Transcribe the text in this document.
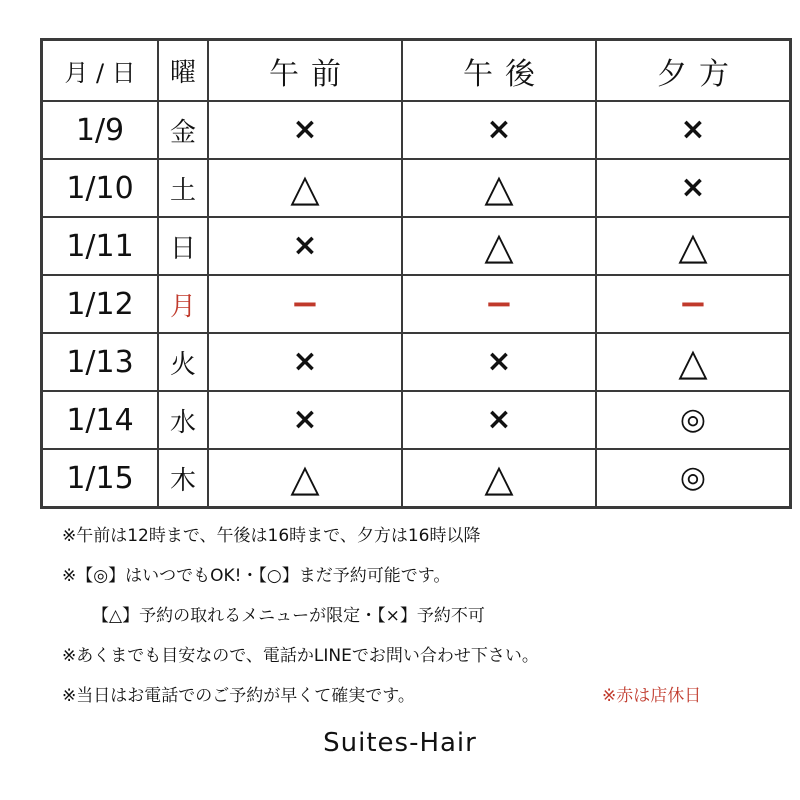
月 / 日	曜	午前	午後	夕方
1/9	金	×	×	×
1/10	土	△	△	×
1/11	日	×	△	△
1/12	月	−	−	−
1/13	火	×	×	△
1/14	水	×	×	◎
1/15	木	△	△	◎
※午前は12時まで、午後は16時まで、夕方は16時以降
※【◎】はいつでもOK!・【○】まだ予約可能です。
【△】予約の取れるメニューが限定・【×】予約不可
※あくまでも目安なので、電話かLINEでお問い合わせ下さい。
※当日はお電話でのご予約が早くて確実です。	※赤は店休日
Suites-Hair
